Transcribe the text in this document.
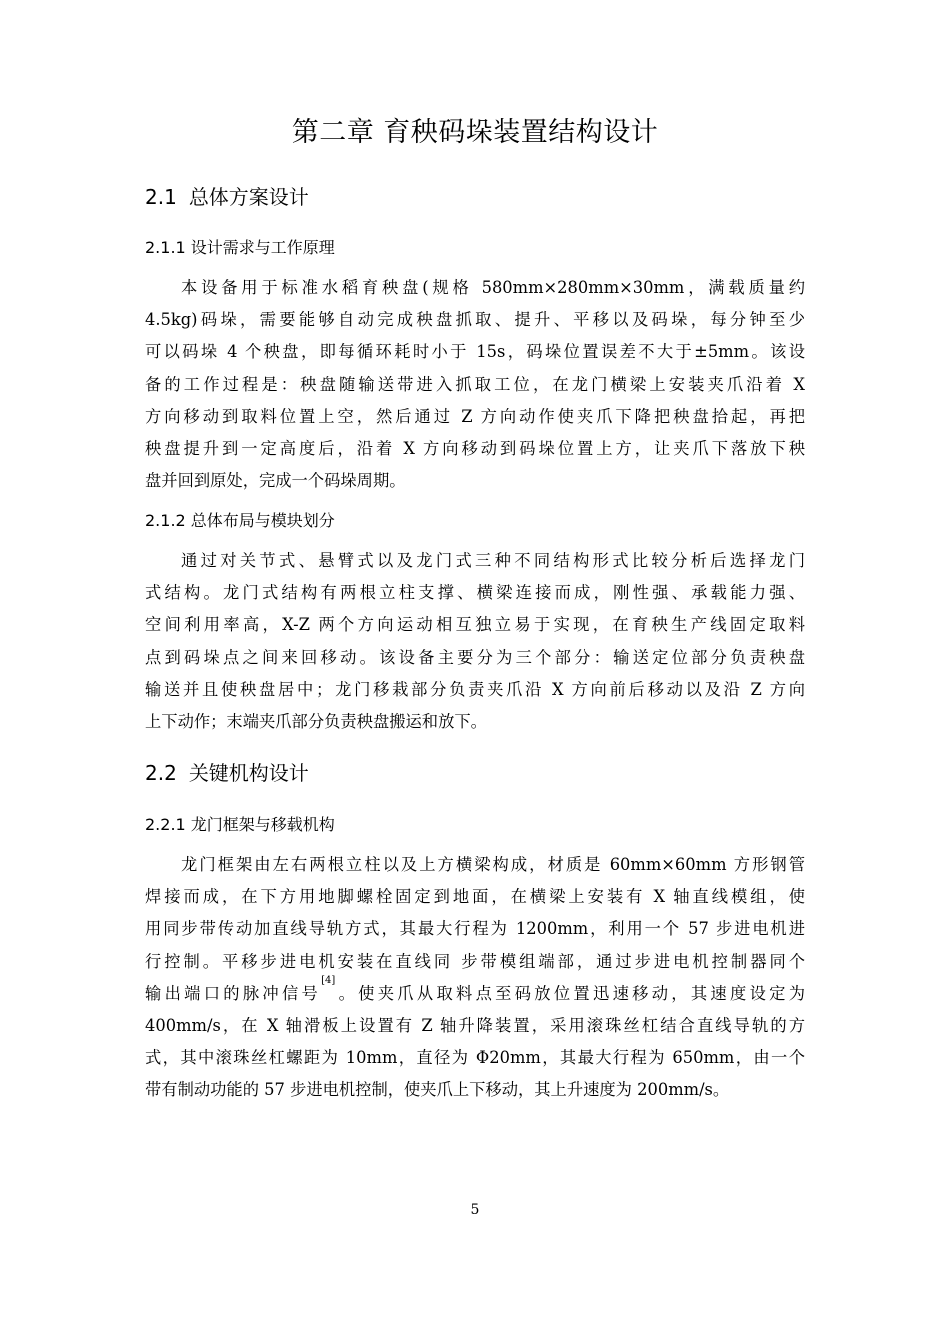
第二章 育秧码垛装置结构设计
2.1 总体方案设计
2.1.1 设计需求与工作原理
本设备用于标准水稻育秧盘(规格 580mm×280mm×30mm，满载质量约
4.5kg)码垛，需要能够自动完成秧盘抓取、提升、平移以及码垛，每分钟至少
可以码垛 4 个秧盘，即每循环耗时小于 15s，码垛位置误差不大于±5mm。该设
备的工作过程是：秧盘随输送带进入抓取工位，在龙门横梁上安装夹爪沿着 X
方向移动到取料位置上空，然后通过 Z 方向动作使夹爪下降把秧盘拾起，再把
秧盘提升到一定高度后，沿着 X 方向移动到码垛位置上方，让夹爪下落放下秧
盘并回到原处，完成一个码垛周期。
2.1.2 总体布局与模块划分
通过对关节式、悬臂式以及龙门式三种不同结构形式比较分析后选择龙门
式结构。龙门式结构有两根立柱支撑、横梁连接而成，刚性强、承载能力强、
空间利用率高，X-Z 两个方向运动相互独立易于实现，在育秧生产线固定取料
点到码垛点之间来回移动。该设备主要分为三个部分：输送定位部分负责秧盘
输送并且使秧盘居中；龙门移栽部分负责夹爪沿 X 方向前后移动以及沿 Z 方向
上下动作；末端夹爪部分负责秧盘搬运和放下。
2.2 关键机构设计
2.2.1 龙门框架与移载机构
龙门框架由左右两根立柱以及上方横梁构成，材质是 60mm×60mm 方形钢管
焊接而成，在下方用地脚螺栓固定到地面，在横梁上安装有 X 轴直线模组，使
用同步带传动加直线导轨方式，其最大行程为 1200mm，利用一个 57 步进电机进
行控制。平移步进电机安装在直线同 步带模组端部，通过步进电机控制器同个
输出端口的脉冲信号[4]。使夹爪从取料点至码放位置迅速移动，其速度设定为
400mm/s，在 X 轴滑板上设置有 Z 轴升降装置，采用滚珠丝杠结合直线导轨的方
式，其中滚珠丝杠螺距为 10mm，直径为 Φ20mm，其最大行程为 650mm，由一个
带有制动功能的 57 步进电机控制，使夹爪上下移动，其上升速度为 200mm/s。
5
